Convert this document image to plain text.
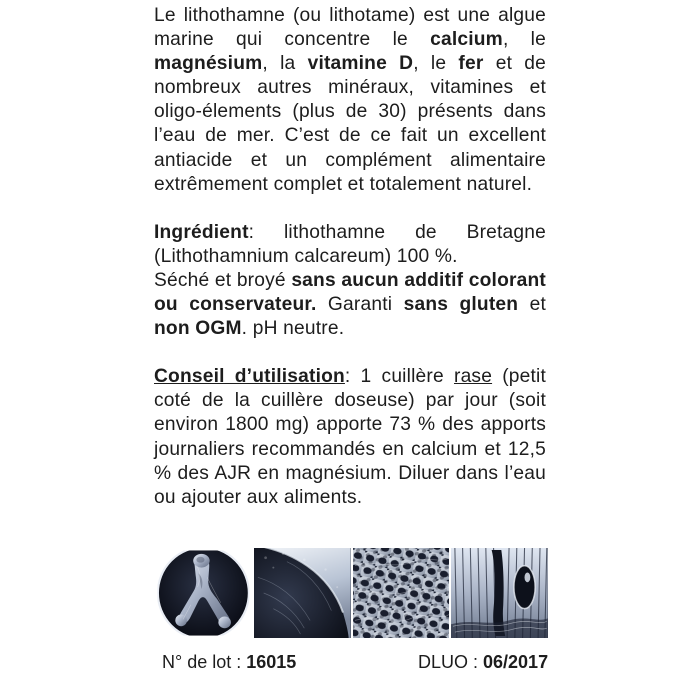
Le lithothamne (ou lithotame) est une algue marine qui concentre le calcium, le magnésium, la vitamine D, le fer et de nombreux autres minéraux, vitamines et oligo-élements (plus de 30) présents dans l’eau de mer. C’est de ce fait un excellent antiacide et un complément alimentaire extrêmement complet et totalement naturel.

Ingrédient: lithothamne de Bretagne (Lithothamnium calcareum) 100 %.
Séché et broyé sans aucun additif colorant ou conservateur. Garanti sans gluten et non OGM. pH neutre.

Conseil d’utilisation: 1 cuillère rase (petit coté de la cuillère doseuse) par jour (soit environ 1800 mg) apporte 73 % des apports journaliers recommandés en calcium et 12,5 % des AJR en magnésium. Diluer dans l’eau ou ajouter aux aliments.

N° de lot : 16015	DLUO : 06/2017
